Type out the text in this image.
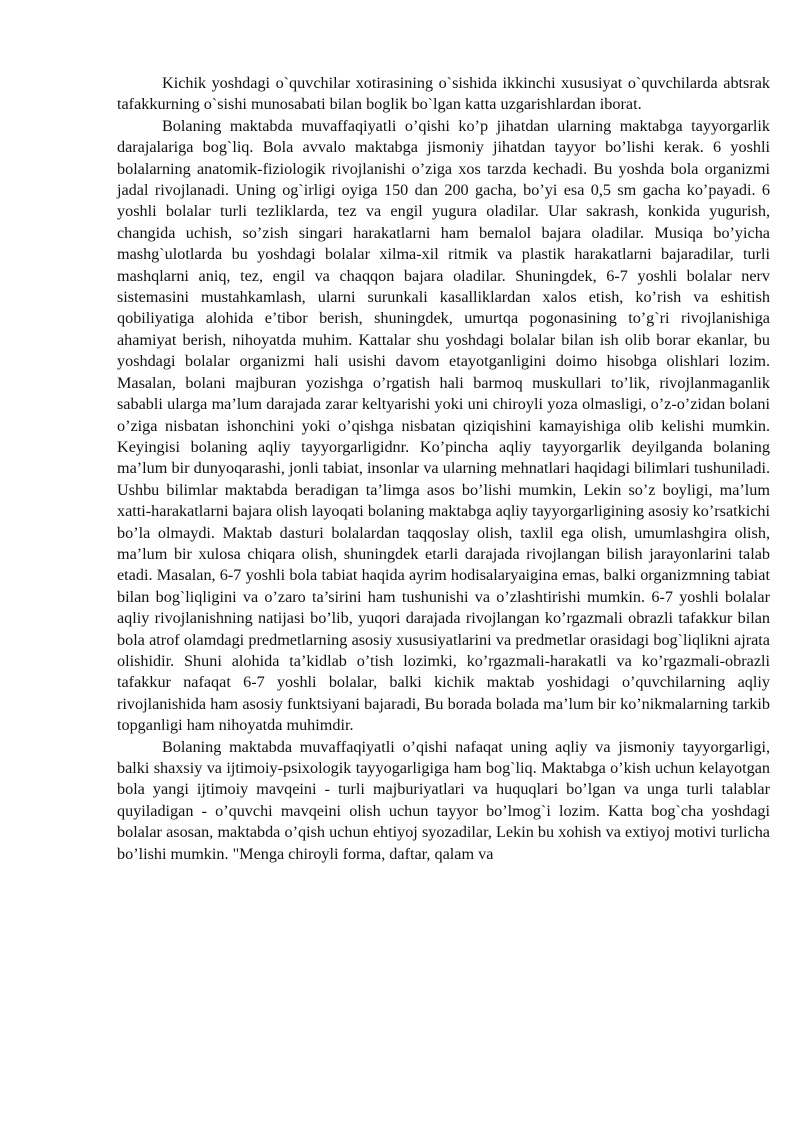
Kichik yoshdagi o`quvchilar xotirasining o`sishida ikkinchi xususiyat o`quvchilarda abtsrak tafakkurning o`sishi munosabati bilan boglik bo`lgan katta uzgarishlardan iborat.

Bolaning maktabda muvaffaqiyatli o’qishi ko’p jihatdan ularning maktabga tayyorgarlik darajalariga bog`liq. Bola avvalo maktabga jismoniy jihatdan tayyor bo’lishi kerak. 6 yoshli bolalarning anatomik-fiziologik rivojlanishi o’ziga xos tarzda kechadi. Bu yoshda bola organizmi jadal rivojlanadi. Uning og`irligi oyiga 150 dan 200 gacha, bo’yi esa 0,5 sm gacha ko’payadi. 6 yoshli bolalar turli tezliklarda, tez va engil yugura oladilar. Ular sakrash, konkida yugurish, changida uchish, so’zish singari harakatlarni ham bemalol bajara oladilar. Musiqa bo’yicha mashg`ulotlarda bu yoshdagi bolalar xilma-xil ritmik va plastik harakatlarni bajaradilar, turli mashqlarni aniq, tez, engil va chaqqon bajara oladilar. Shuningdek, 6-7 yoshli bolalar nerv sistemasini mustahkamlash, ularni surunkali kasalliklardan xalos etish, ko’rish va eshitish qobiliyatiga alohida e’tibor berish, shuningdek, umurtqa pogonasining to’g`ri rivojlanishiga ahamiyat berish, nihoyatda muhim. Kattalar shu yoshdagi bolalar bilan ish olib borar ekanlar, bu yoshdagi bolalar organizmi hali usishi davom etayotganligini doimo hisobga olishlari lozim. Masalan, bolani majburan yozishga o’rgatish hali barmoq muskullari to’lik, rivojlanmaganlik sababli ularga ma’lum darajada zarar keltyarishi yoki uni chiroyli yoza olmasligi, o’z-o’zidan bolani o’ziga nisbatan ishonchini yoki o’qishga nisbatan qiziqishini kamayishiga olib kelishi mumkin. Keyingisi bolaning aqliy tayyorgarligidnr. Ko’pincha aqliy tayyorgarlik deyilganda bolaning ma’lum bir dunyoqarashi, jonli tabiat, insonlar va ularning mehnatlari haqidagi bilimlari tushuniladi. Ushbu bilimlar maktabda beradigan ta’limga asos bo’lishi mumkin, Lekin so’z boyligi, ma’lum xatti-harakatlarni bajara olish layoqati bolaning maktabga aqliy tayyorgarligining asosiy ko’rsatkichi bo’la olmaydi. Maktab dasturi bolalardan taqqoslay olish, taxlil ega olish, umumlashgira olish, ma’lum bir xulosa chiqara olish, shuningdek etarli darajada rivojlangan bilish jarayonlarini talab etadi. Masalan, 6-7 yoshli bola tabiat haqida ayrim hodisalaryaigina emas, balki organizmning tabiat bilan bog`liqligini va o’zaro ta’sirini ham tushunishi va o’zlashtirishi mumkin. 6-7 yoshli bolalar aqliy rivojlanishning natijasi bo’lib, yuqori darajada rivojlangan ko’rgazmali obrazli tafakkur bilan bola atrof olamdagi predmetlarning asosiy xususiyatlarini va predmetlar orasidagi bog`liqlikni ajrata olishidir. Shuni alohida ta’kidlab o’tish lozimki, ko’rgazmali-harakatli va ko’rgazmali-obrazli tafakkur nafaqat 6-7 yoshli bolalar, balki kichik maktab yoshidagi o’quvchilarning aqliy rivojlanishida ham asosiy funktsiyani bajaradi, Bu borada bolada ma’lum bir ko’nikmalarning tarkib topganligi ham nihoyatda muhimdir.

Bolaning maktabda muvaffaqiyatli o’qishi nafaqat uning aqliy va jismoniy tayyorgarligi, balki shaxsiy va ijtimoiy-psixologik tayyogarligiga ham bog`liq. Maktabga o’kish uchun kelayotgan bola yangi ijtimoiy mavqeini - turli majburiyatlari va huquqlari bo’lgan va unga turli talablar quyiladigan - o’quvchi mavqeini olish uchun tayyor bo’lmog`i lozim. Katta bog`cha yoshdagi bolalar asosan, maktabda o’qish uchun ehtiyoj syozadilar, Lekin bu xohish va extiyoj motivi turlicha bo’lishi mumkin. "Menga chiroyli forma, daftar, qalam va
